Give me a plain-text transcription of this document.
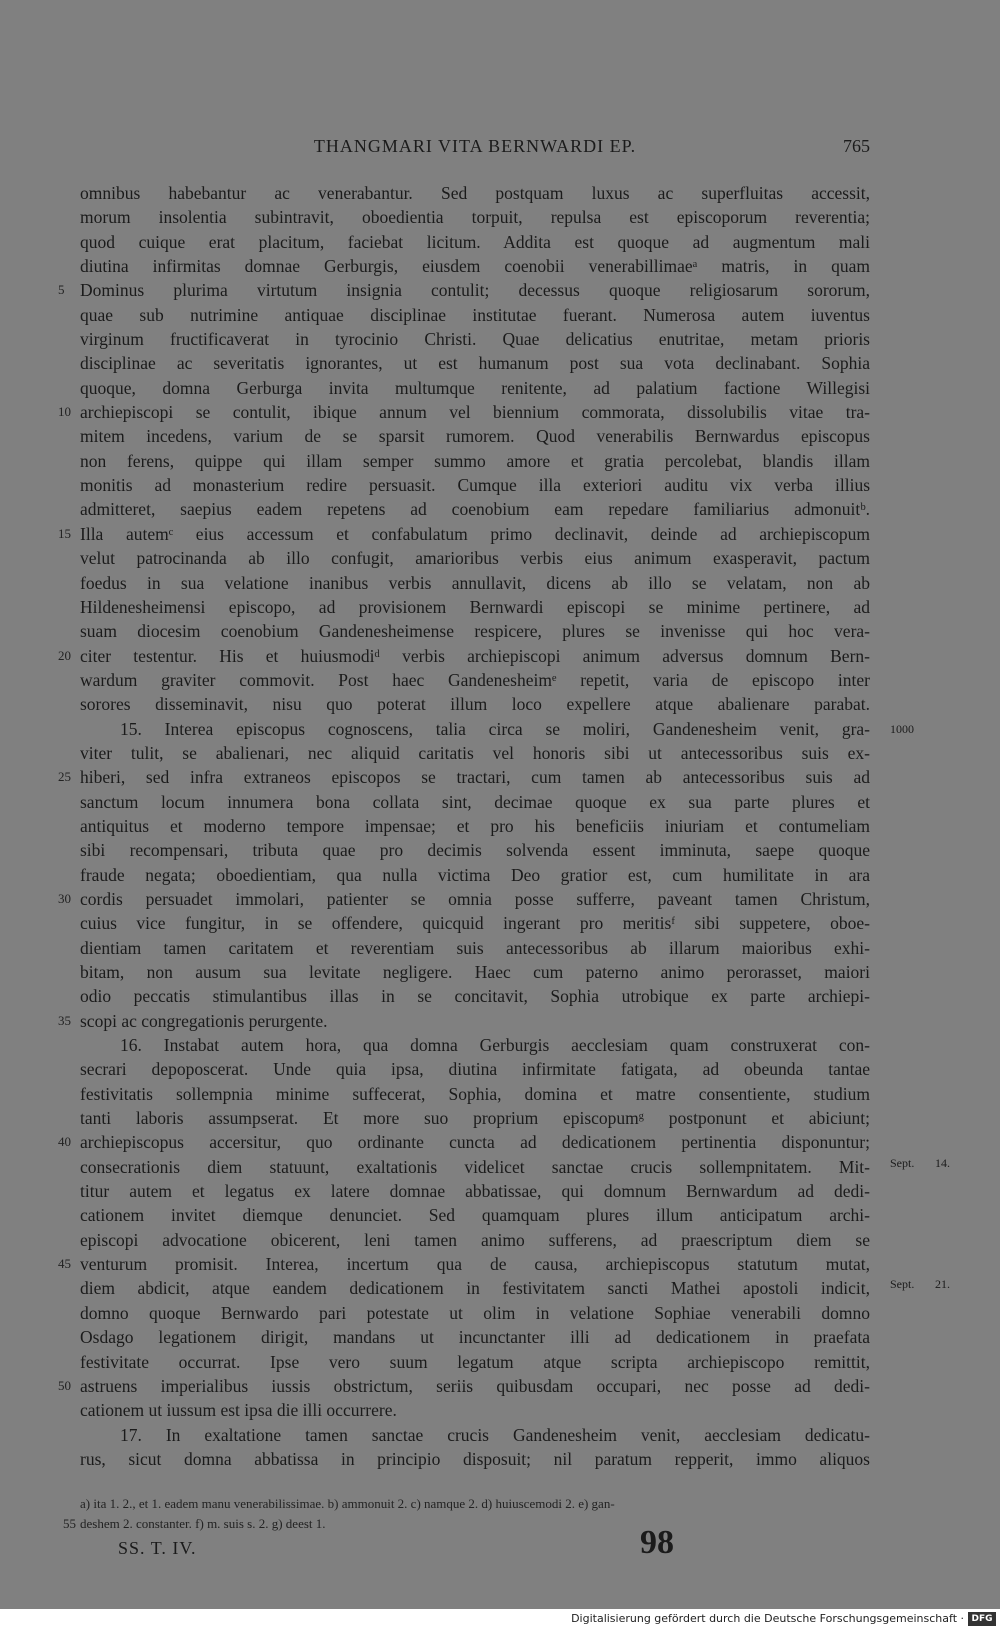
THANGMARI VITA BERNWARDI EP.	765
omnibus habebantur ac venerabantur. Sed postquam luxus ac superfluitas accessit,
morum insolentia subintravit, oboedientia torpuit, repulsa est episcoporum reverentia;
quod cuique erat placitum, faciebat licitum. Addita est quoque ad augmentum mali
diutina infirmitas domnae Gerburgis, eiusdem coenobii venerabillimaeᵃ matris, in quam
Dominus plurima virtutum insignia contulit; decessus quoque religiosarum sororum,
5
quae sub nutrimine antiquae disciplinae institutae fuerant. Numerosa autem iuventus
virginum fructificaverat in tyrocinio Christi. Quae delicatius enutritae, metam prioris
disciplinae ac severitatis ignorantes, ut est humanum post sua vota declinabant. Sophia
quoque, domna Gerburga invita multumque renitente, ad palatium factione Willegisi
archiepiscopi se contulit, ibique annum vel biennium commorata, dissolubilis vitae tra-
10
mitem incedens, varium de se sparsit rumorem. Quod venerabilis Bernwardus episcopus
non ferens, quippe qui illam semper summo amore et gratia percolebat, blandis illam
monitis ad monasterium redire persuasit. Cumque illa exteriori auditu vix verba illius
admitteret, saepius eadem repetens ad coenobium eam repedare familiarius admonuitᵇ.
Illa autemᶜ eius accessum et confabulatum primo declinavit, deinde ad archiepiscopum
15
velut patrocinanda ab illo confugit, amarioribus verbis eius animum exasperavit, pactum
foedus in sua velatione inanibus verbis annullavit, dicens ab illo se velatam, non ab
Hildenesheimensi episcopo, ad provisionem Bernwardi episcopi se minime pertinere, ad
suam diocesim coenobium Gandenesheimense respicere, plures se invenisse qui hoc vera-
citer testentur. His et huiusmodiᵈ verbis archiepiscopi animum adversus domnum Bern-
20
wardum graviter commovit. Post haec Gandenesheimᵉ repetit, varia de episcopo inter
sorores disseminavit, nisu quo poterat illum loco expellere atque abalienare parabat.
15. Interea episcopus cognoscens, talia circa se moliri, Gandenesheim venit, gra- 1000
viter tulit, se abalienari, nec aliquid caritatis vel honoris sibi ut antecessoribus suis ex-
hiberi, sed infra extraneos episcopos se tractari, cum tamen ab antecessoribus suis ad
25
sanctum locum innumera bona collata sint, decimae quoque ex sua parte plures et
antiquitus et moderno tempore impensae; et pro his beneficiis iniuriam et contumeliam
sibi recompensari, tributa quae pro decimis solvenda essent imminuta, saepe quoque
fraude negata; oboedientiam, qua nulla victima Deo gratior est, cum humilitate in ara
cordis persuadet immolari, patienter se omnia posse sufferre, paveant tamen Christum,
30
cuius vice fungitur, in se offendere, quicquid ingerant pro meritisᶠ sibi suppetere, oboe-
dientiam tamen caritatem et reverentiam suis antecessoribus ab illarum maioribus exhi-
bitam, non ausum sua levitate negligere. Haec cum paterno animo perorasset, maiori
odio peccatis stimulantibus illas in se concitavit, Sophia utrobique ex parte archiepi-
scopi ac congregationis perurgente.
35
16. Instabat autem hora, qua domna Gerburgis aecclesiam quam construxerat con-
secrari depoposcerat. Unde quia ipsa, diutina infirmitate fatigata, ad obeunda tantae
festivitatis sollempnia minime suffecerat, Sophia, domina et matre consentiente, studium
tanti laboris assumpserat. Et more suo proprium episcopumᵍ postponunt et abiciunt;
archiepiscopus accersitur, quo ordinante cuncta ad dedicationem pertinentia disponuntur;
40
consecrationis diem statuunt, exaltationis videlicet sanctae crucis sollempnitatem. Mit- Sept. 14.
titur autem et legatus ex latere domnae abbatissae, qui domnum Bernwardum ad dedi-
cationem invitet diemque denunciet. Sed quamquam plures illum anticipatum archi-
episcopi advocatione obicerent, leni tamen animo sufferens, ad praescriptum diem se
venturum promisit. Interea, incertum qua de causa, archiepiscopus statutum mutat,
45
diem abdicit, atque eandem dedicationem in festivitatem sancti Mathei apostoli indicit, Sept. 21.
domno quoque Bernwardo pari potestate ut olim in velatione Sophiae venerabili domno
Osdago legationem dirigit, mandans ut incunctanter illi ad dedicationem in praefata
festivitate occurrat. Ipse vero suum legatum atque scripta archiepiscopo remittit,
astruens imperialibus iussis obstrictum, seriis quibusdam occupari, nec posse ad dedi-
50
cationem ut iussum est ipsa die illi occurrere.
17. In exaltatione tamen sanctae crucis Gandenesheim venit, aecclesiam dedicatu-
rus, sicut domna abbatissa in principio disposuit; nil paratum repperit, immo aliquos
a) ita 1. 2., et 1. eadem manu venerabilissimae. b) ammonuit 2. c) namque 2. d) huiuscemodi 2. e) gan-
deshem 2. constanter. f) m. suis s. 2. g) deest 1.
55
SS. T. IV.	98
Digitalisierung gefördert durch die Deutsche Forschungsgemeinschaft · DFG
